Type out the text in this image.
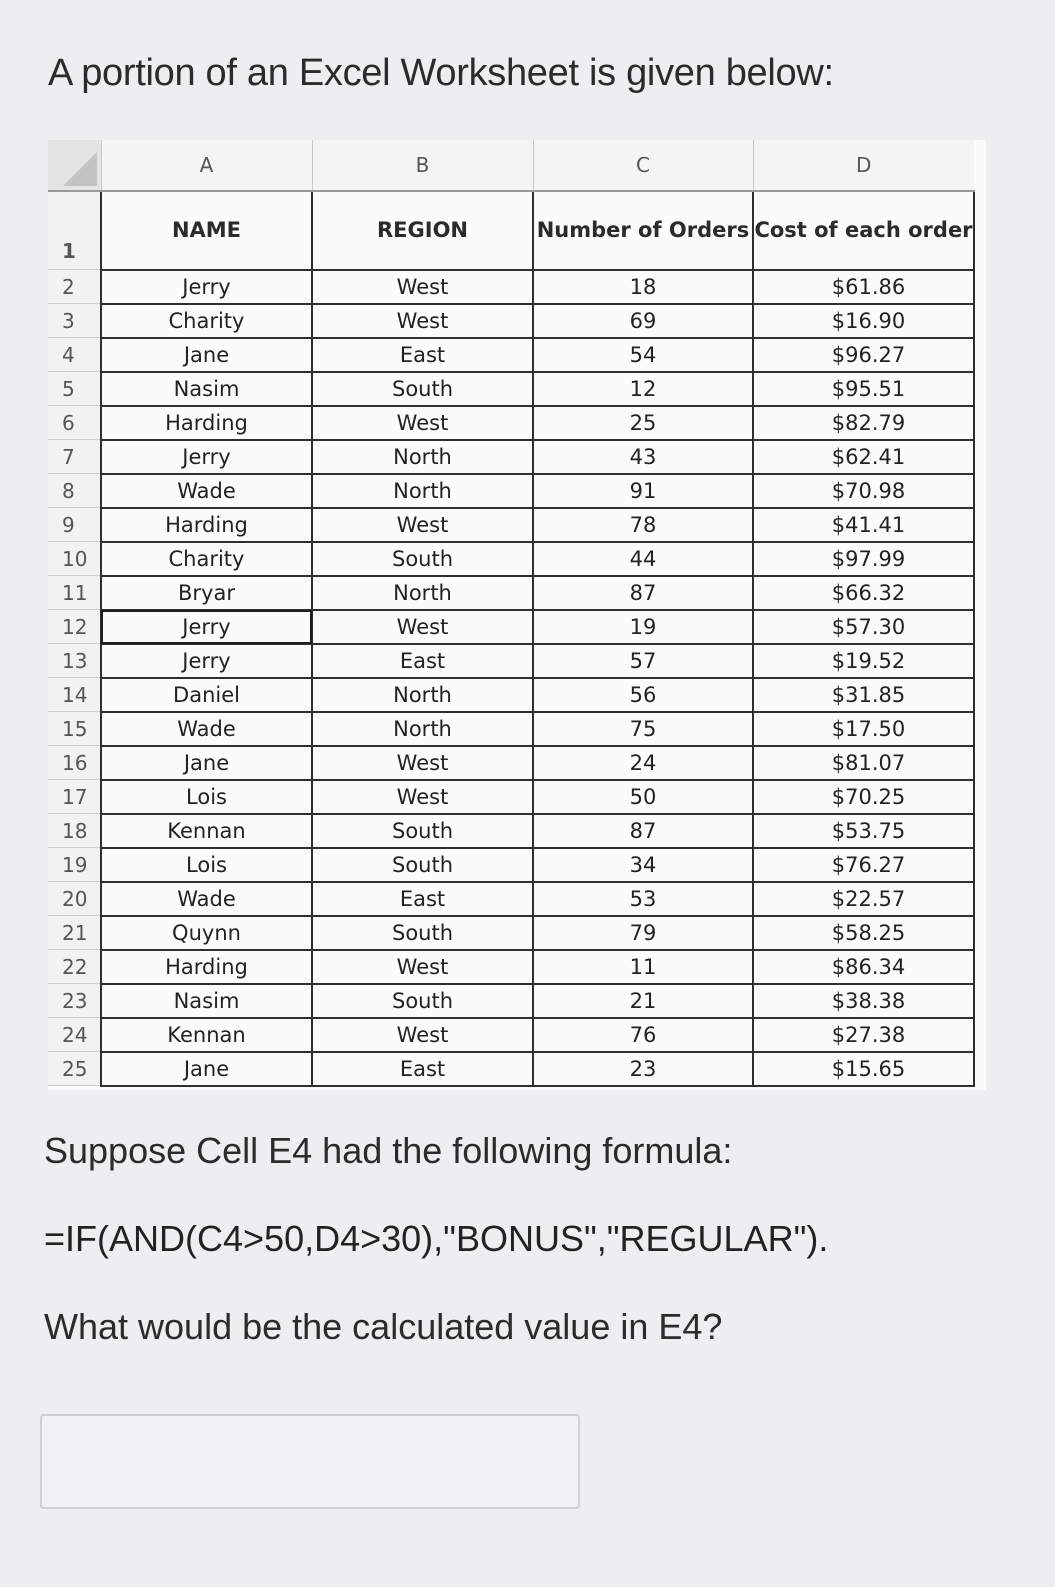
A portion of an Excel Worksheet is given below:
	A	B	C	D
1	NAME	REGION	Number of Orders	Cost of each order
2	Jerry	West	18	$61.86
3	Charity	West	69	$16.90
4	Jane	East	54	$96.27
5	Nasim	South	12	$95.51
6	Harding	West	25	$82.79
7	Jerry	North	43	$62.41
8	Wade	North	91	$70.98
9	Harding	West	78	$41.41
10	Charity	South	44	$97.99
11	Bryar	North	87	$66.32
12	Jerry	West	19	$57.30
13	Jerry	East	57	$19.52
14	Daniel	North	56	$31.85
15	Wade	North	75	$17.50
16	Jane	West	24	$81.07
17	Lois	West	50	$70.25
18	Kennan	South	87	$53.75
19	Lois	South	34	$76.27
20	Wade	East	53	$22.57
21	Quynn	South	79	$58.25
22	Harding	West	11	$86.34
23	Nasim	South	21	$38.38
24	Kennan	West	76	$27.38
25	Jane	East	23	$15.65
Suppose Cell E4 had the following formula:
=IF(AND(C4>50,D4>30),"BONUS","REGULAR").
What would be the calculated value in E4?
